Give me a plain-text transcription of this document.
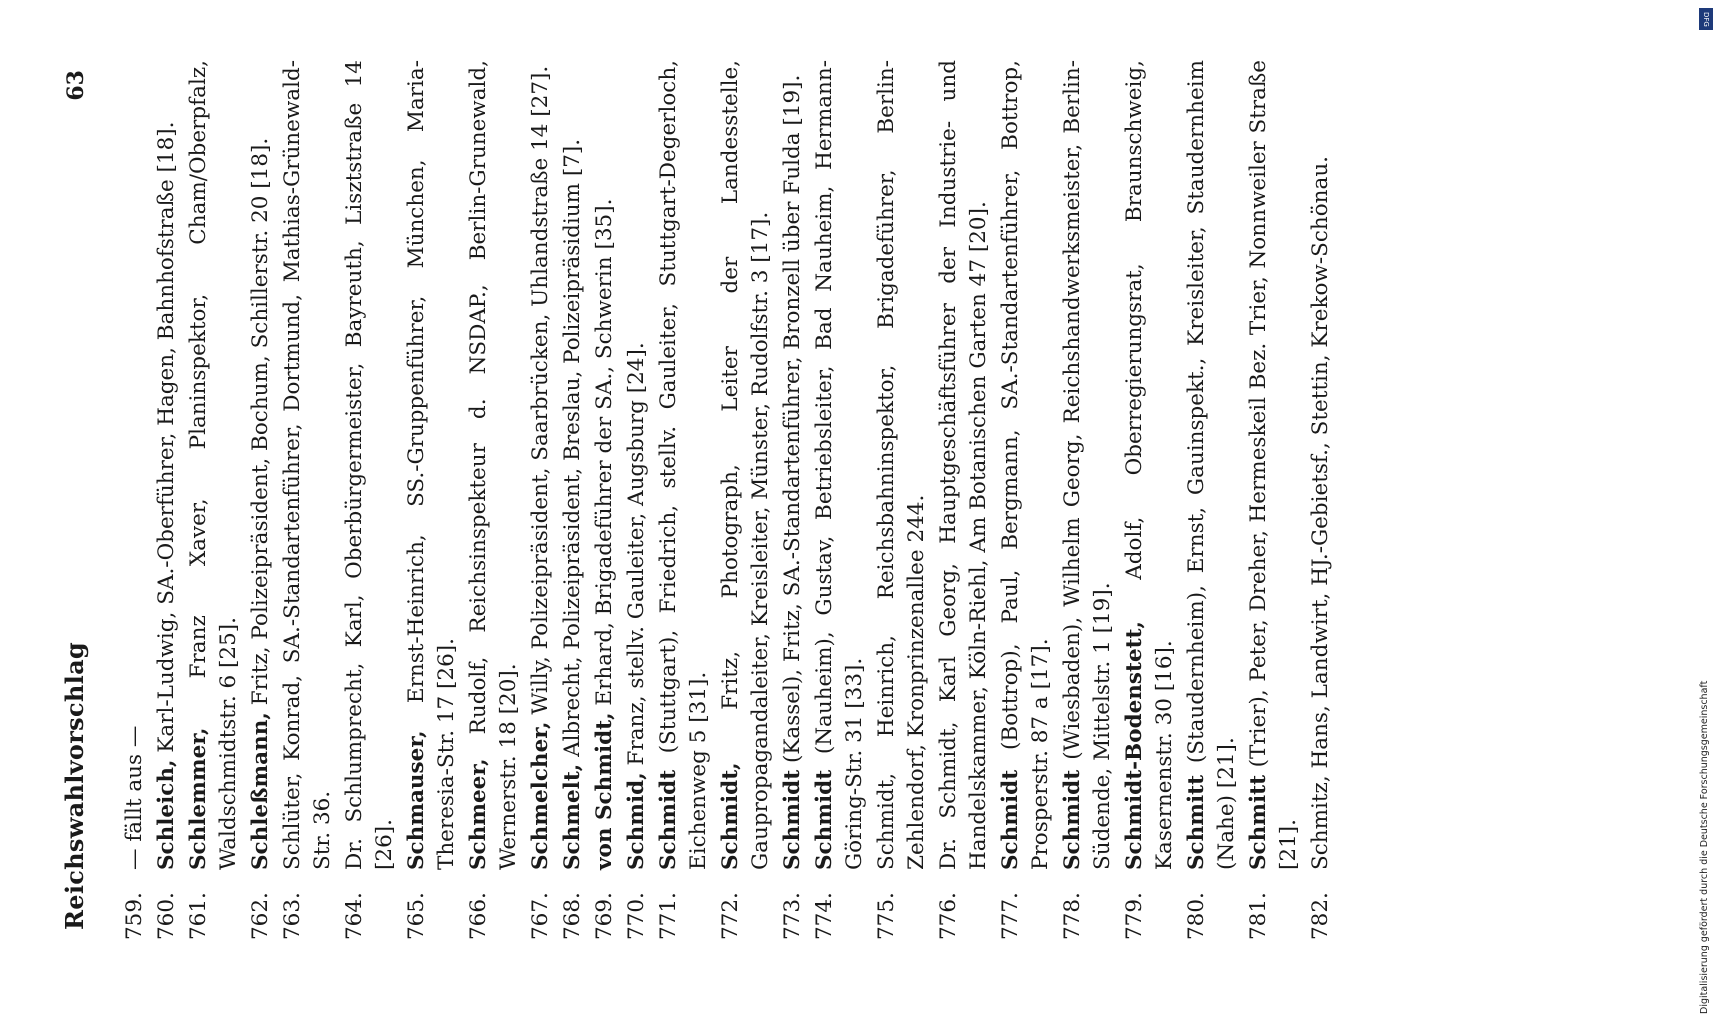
Reichswahlvorschlag
63
759.
— fällt aus —
760.
Schleich, Karl-Ludwig, SA.-Oberführer, Hagen, Bahnhofstraße [18].
761.
Schlemmer, Franz Xaver, Planinspektor, Cham/Oberpfalz, Waldschmidtstr. 6 [25].
762.
Schleßmann, Fritz, Polizeipräsident, Bochum, Schillerstr. 20 [18].
763.
Schlüter, Konrad, SA.-Standartenführer, Dortmund, Mathias-Grünewald-Str. 36.
764.
Dr. Schlumprecht, Karl, Oberbürgermeister, Bayreuth, Lisztstraße 14 [26].
765.
Schmauser, Ernst-Heinrich, SS.-Gruppenführer, München, Maria-Theresia-Str. 17 [26].
766.
Schmeer, Rudolf, Reichsinspekteur d. NSDAP., Berlin-Grunewald, Wernerstr. 18 [20].
767.
Schmelcher, Willy, Polizeipräsident, Saarbrücken, Uhlandstraße 14 [27].
768.
Schmelt, Albrecht, Polizeipräsident, Breslau, Polizeipräsidium [7].
769.
von Schmidt, Erhard, Brigadeführer der SA., Schwerin [35].
770.
Schmid, Franz, stellv. Gauleiter, Augsburg [24].
771.
Schmidt (Stuttgart), Friedrich, stellv. Gauleiter, Stuttgart-Degerloch, Eichenweg 5 [31].
772.
Schmidt, Fritz, Photograph, Leiter der Landesstelle, Gaupropagandaleiter, Kreisleiter, Münster, Rudolfstr. 3 [17].
773.
Schmidt (Kassel), Fritz, SA.-Standartenführer, Bronzell über Fulda [19].
774.
Schmidt (Nauheim), Gustav, Betriebsleiter, Bad Nauheim, Hermann-Göring-Str. 31 [33].
775.
Schmidt, Heinrich, Reichsbahninspektor, Brigadeführer, Berlin-Zehlendorf, Kronprinzenallee 244.
776.
Dr. Schmidt, Karl Georg, Hauptgeschäftsführer der Industrie- und Handelskammer, Köln-Riehl, Am Botanischen Garten 47 [20].
777.
Schmidt (Bottrop), Paul, Bergmann, SA.-Standartenführer, Bottrop, Prosperstr. 87 a [17].
778.
Schmidt (Wiesbaden), Wilhelm Georg, Reichshandwerksmeister, Berlin-Südende, Mittelstr. 1 [19].
779.
Schmidt-Bodenstett, Adolf, Oberregierungsrat, Braunschweig, Kasernenstr. 30 [16].
780.
Schmitt (Staudernheim), Ernst, Gauinspekt., Kreisleiter, Staudernheim (Nahe) [21].
781.
Schmitt (Trier), Peter, Dreher, Hermeskeil Bez. Trier, Nonnweiler Straße [21].
782.
Schmitz, Hans, Landwirt, HJ.-Gebietsf., Stettin, Krekow-Schönau.
DFG
Digitalisierung gefördert durch die Deutsche Forschungsgemeinschaft
